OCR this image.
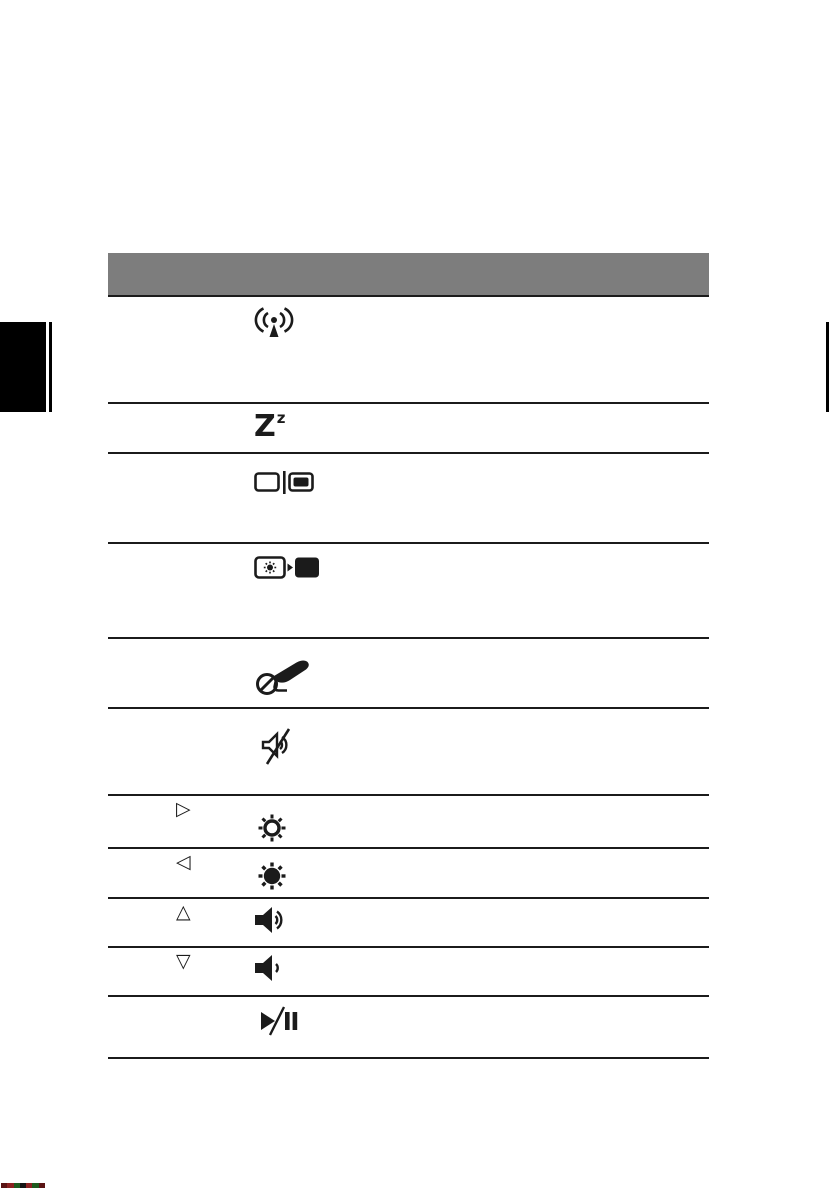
Zz
▷
◁
△
▽
